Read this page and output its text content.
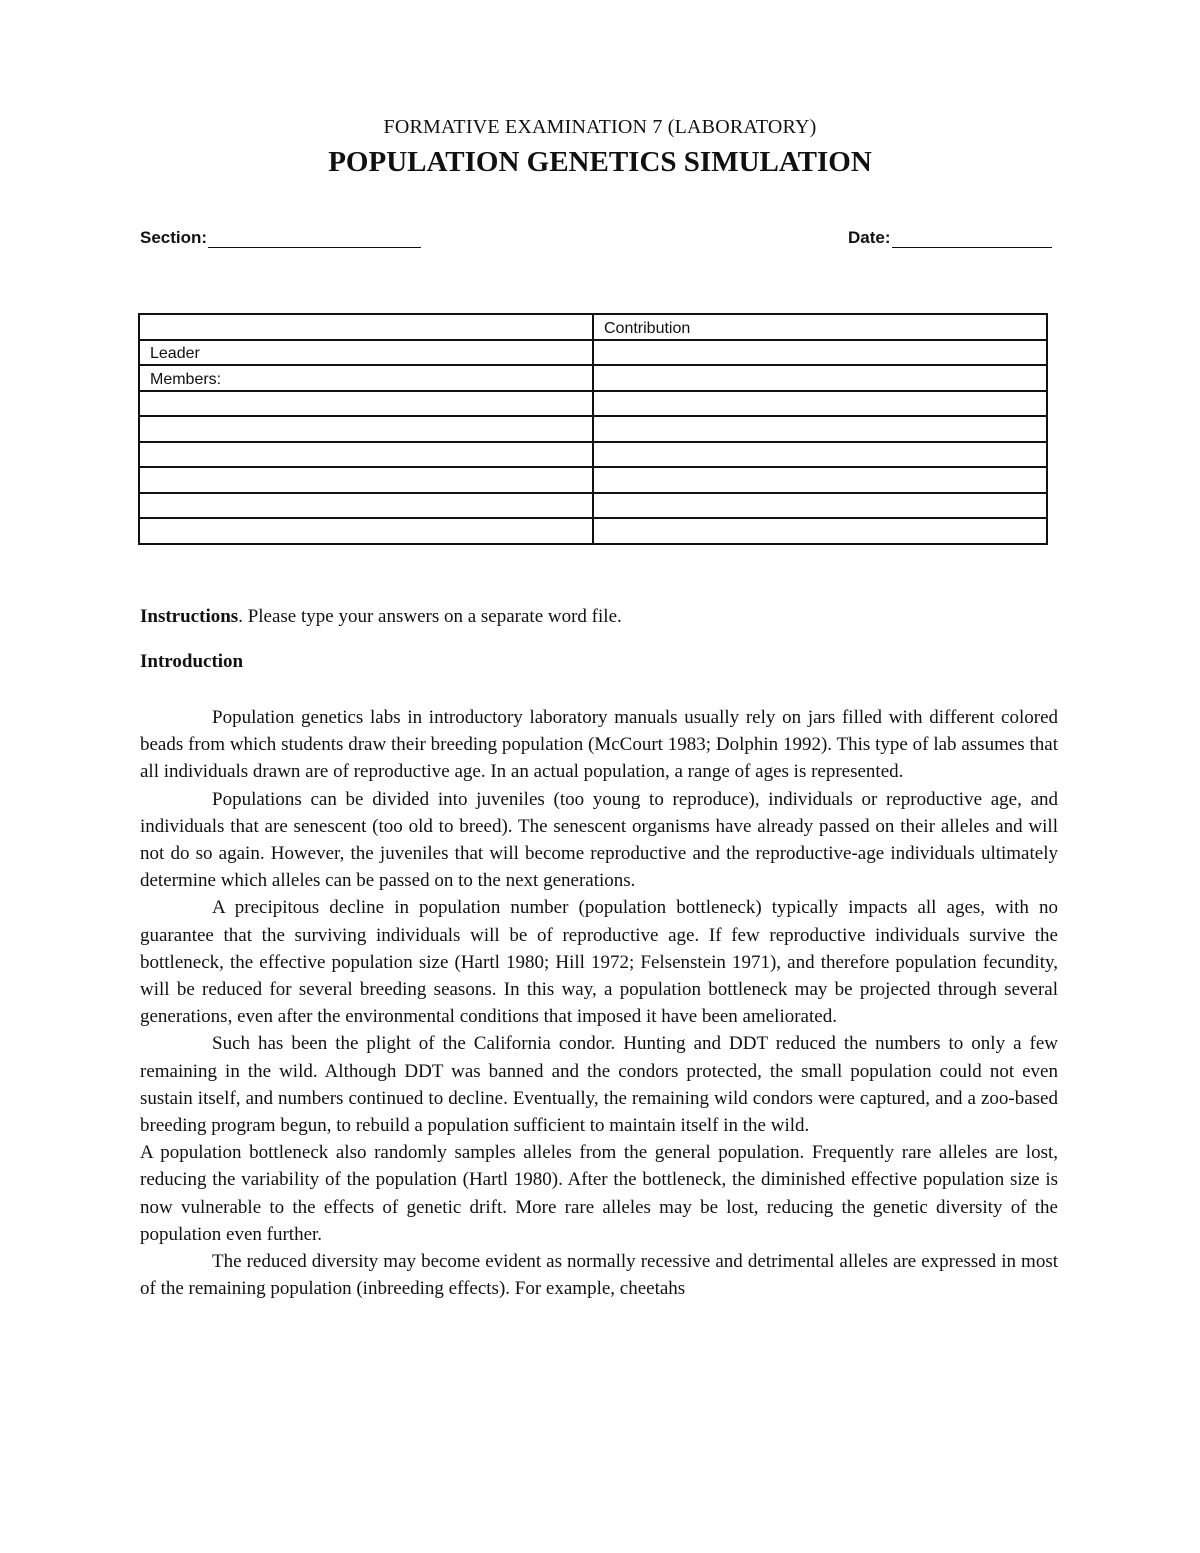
FORMATIVE EXAMINATION 7 (LABORATORY)
POPULATION GENETICS SIMULATION
Section:	Date:
	Contribution
Leader	
Members:	

Instructions. Please type your answers on a separate word file.
Introduction

Population genetics labs in introductory laboratory manuals usually rely on jars filled with different colored beads from which students draw their breeding population (McCourt 1983; Dolphin 1992). This type of lab assumes that all individuals drawn are of reproductive age. In an actual population, a range of ages is represented.

Populations can be divided into juveniles (too young to reproduce), individuals or reproductive age, and individuals that are senescent (too old to breed). The senescent organisms have already passed on their alleles and will not do so again. However, the juveniles that will become reproductive and the reproductive-age individuals ultimately determine which alleles can be passed on to the next generations.

A precipitous decline in population number (population bottleneck) typically impacts all ages, with no guarantee that the surviving individuals will be of reproductive age. If few reproductive individuals survive the bottleneck, the effective population size (Hartl 1980; Hill 1972; Felsenstein 1971), and therefore population fecundity, will be reduced for several breeding seasons. In this way, a population bottleneck may be projected through several generations, even after the environmental conditions that imposed it have been ameliorated.

Such has been the plight of the California condor. Hunting and DDT reduced the numbers to only a few remaining in the wild. Although DDT was banned and the condors protected, the small population could not even sustain itself, and numbers continued to decline. Eventually, the remaining wild condors were captured, and a zoo-based breeding program begun, to rebuild a population sufficient to maintain itself in the wild.

A population bottleneck also randomly samples alleles from the general population. Frequently rare alleles are lost, reducing the variability of the population (Hartl 1980). After the bottleneck, the diminished effective population size is now vulnerable to the effects of genetic drift. More rare alleles may be lost, reducing the genetic diversity of the population even further.

The reduced diversity may become evident as normally recessive and detrimental alleles are expressed in most of the remaining population (inbreeding effects). For example, cheetahs
